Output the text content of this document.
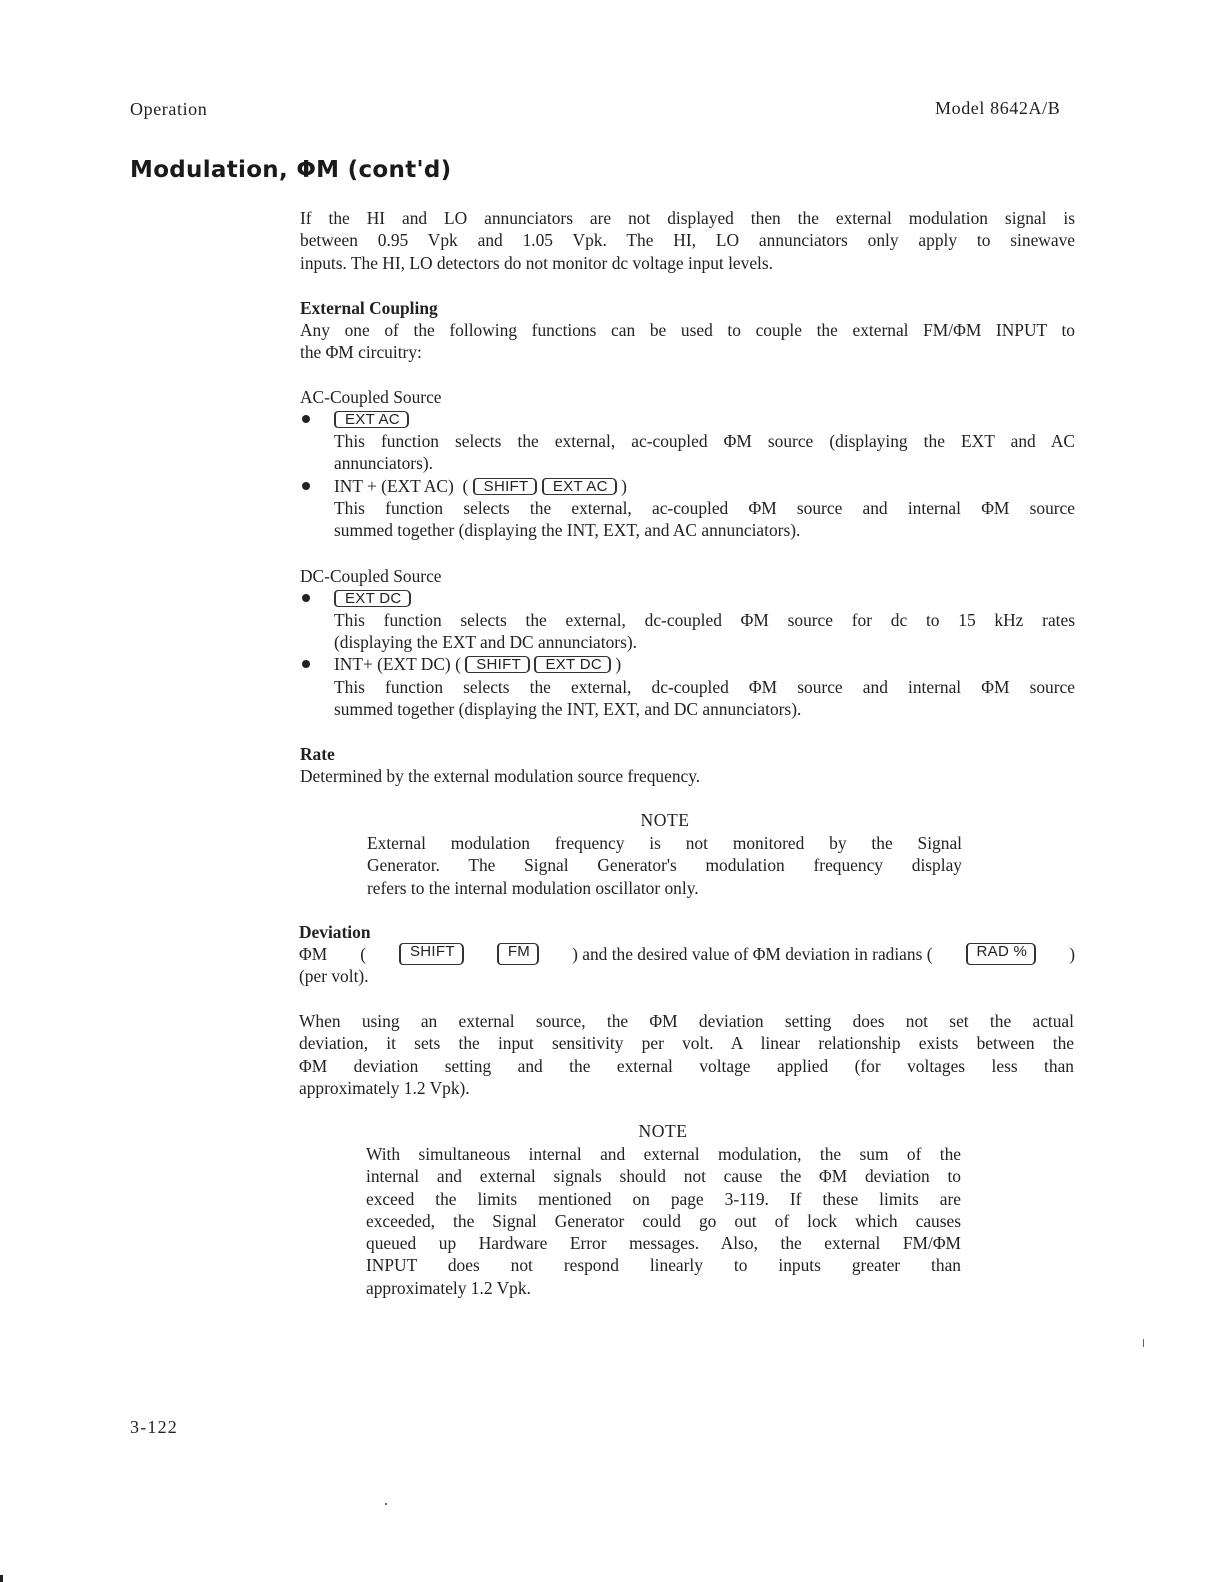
Operation	Model 8642A/B
Modulation, ΦM (cont'd)
If the HI and LO annunciators are not displayed then the external modulation signal is
between 0.95 Vpk and 1.05 Vpk. The HI, LO annunciators only apply to sinewave
inputs. The HI, LO detectors do not monitor dc voltage input levels.
External Coupling
Any one of the following functions can be used to couple the external FM/ΦM INPUT to
the ΦM circuitry:
AC-Coupled Source
EXT AC
This function selects the external, ac-coupled ΦM source (displaying the EXT and AC
annunciators).
INT + (EXT AC) ( SHIFT EXT AC )
This function selects the external, ac-coupled ΦM source and internal ΦM source
summed together (displaying the INT, EXT, and AC annunciators).
DC-Coupled Source
EXT DC
This function selects the external, dc-coupled ΦM source for dc to 15 kHz rates
(displaying the EXT and DC annunciators).
INT+ (EXT DC) ( SHIFT EXT DC )
This function selects the external, dc-coupled ΦM source and internal ΦM source
summed together (displaying the INT, EXT, and DC annunciators).
Rate
Determined by the external modulation source frequency.
NOTE
External modulation frequency is not monitored by the Signal
Generator. The Signal Generator's modulation frequency display
refers to the internal modulation oscillator only.
Deviation
ΦM (	SHIFT	FM	) and the desired value of ΦM deviation in radians (	RAD %	)
(per volt).
When using an external source, the ΦM deviation setting does not set the actual
deviation, it sets the input sensitivity per volt. A linear relationship exists between the
ΦM deviation setting and the external voltage applied (for voltages less than
approximately 1.2 Vpk).
NOTE
With simultaneous internal and external modulation, the sum of the
internal and external signals should not cause the ΦM deviation to
exceed the limits mentioned on page 3-119. If these limits are
exceeded, the Signal Generator could go out of lock which causes
queued up Hardware Error messages. Also, the external FM/ΦM
INPUT does not respond linearly to inputs greater than
approximately 1.2 Vpk.
3-122
